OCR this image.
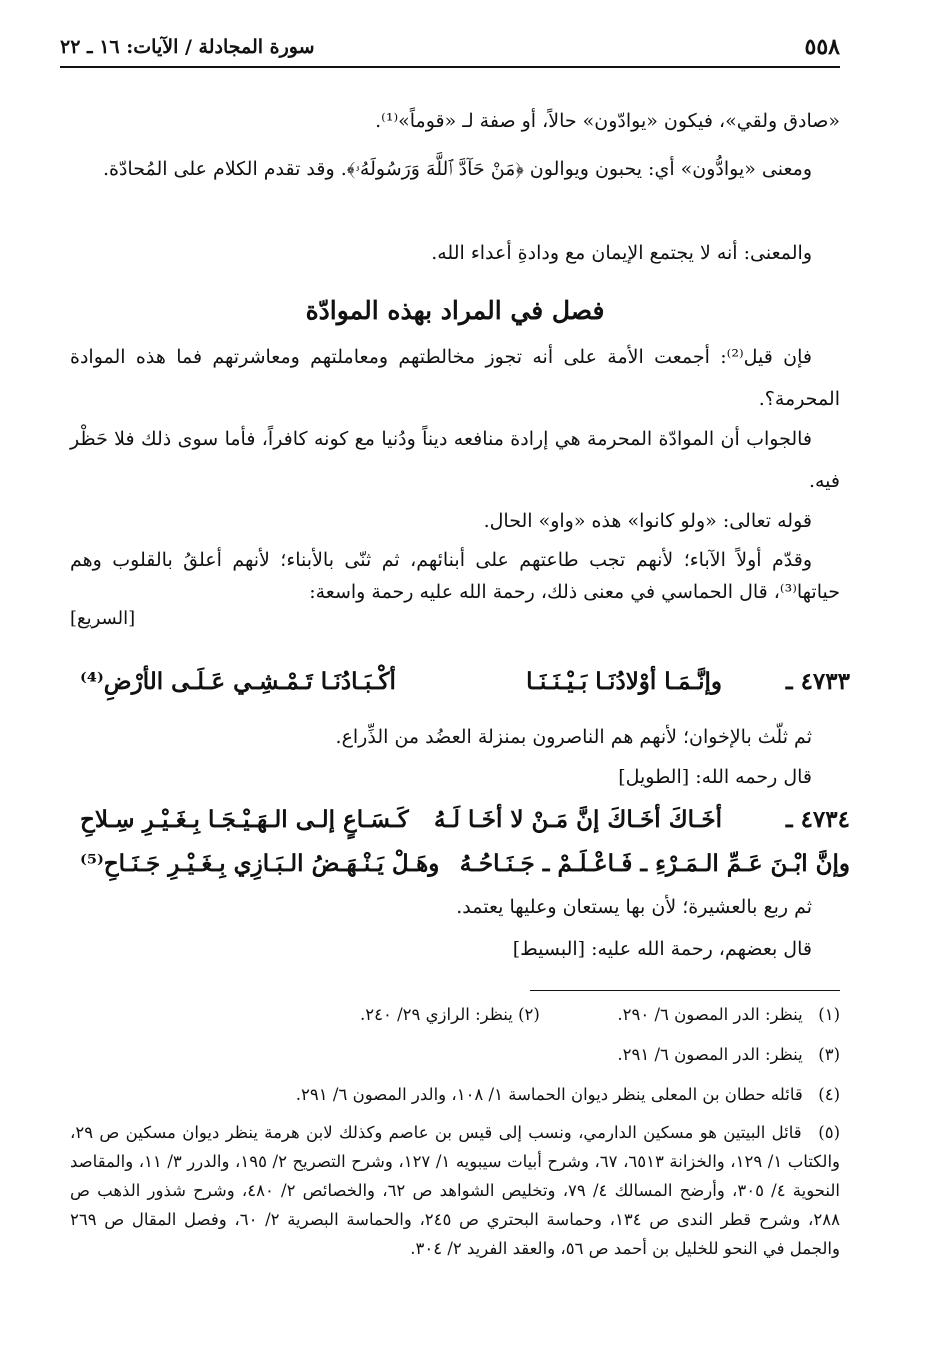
٥٥٨
سورة المجادلة / الآيات: ١٦ ـ ٢٢

«صادق ولقي»، فيكون «يوادّون» حالاً، أو صفة لـ «قوماً»⁽¹⁾.

ومعنى «يوادُّون» أي: يحبون ويوالون ﴿مَنْ حَآدَّ ٱللَّهَ وَرَسُولَهُۥ﴾. وقد تقدم الكلام على المُحادّة.

والمعنى: أنه لا يجتمع الإيمان مع ودادةِ أعداء الله.

فصل في المراد بهذه الموادّة

فإن قيل⁽²⁾: أجمعت الأمة على أنه تجوز مخالطتهم ومعاملتهم ومعاشرتهم فما هذه الموادة المحرمة؟.

فالجواب أن الموادّة المحرمة هي إرادة منافعه ديناً ودُنيا مع كونه كافراً، فأما سوى ذلك فلا حَظْر فيه.

قوله تعالى: «ولو كانوا» هذه «واو» الحال.

وقدّم أولاً الآباء؛ لأنهم تجب طاعتهم على أبنائهم، ثم ثنّى بالأبناء؛ لأنهم أعلقُ بالقلوب وهم حياتها⁽³⁾، قال الحماسي في معنى ذلك، رحمة الله عليه رحمة واسعة:

[السريع]
٤٧٣٣ ـ
وإنَّـمَـا أوْلادُنَـا بَـيْـنَـنَـا
أكْـبَـادُنَـا تَـمْـشِـي عَـلَـى الأرْضِ⁽⁴⁾

ثم ثلّث بالإخوان؛ لأنهم هم الناصرون بمنزلة العضُد من الذِّراع.

قال رحمه الله: [الطويل]

٤٧٣٤ ـ
أخَـاكَ أخَـاكَ إنَّ مَـنْ لا أخَـا لَـهُ
كَـسَـاعٍ إلـى الـهَـيْـجَـا بِـغَـيْـرِ سِـلاحِ
وإنَّ ابْـنَ عَـمِّ الـمَـرْءِ ـ فَـاعْـلَـمْ ـ جَـنَـاحُـهُ
وهَـلْ يَـنْـهَـضُ الـبَـازِي بِـغَـيْـرِ جَـنَـاحِ⁽⁵⁾

ثم ربع بالعشيرة؛ لأن بها يستعان وعليها يعتمد.

قال بعضهم، رحمة الله عليه: [البسيط]

(١) ينظر: الدر المصون ٦/ ٢٩٠.
(٢) ينظر: الرازي ٢٩/ ٢٤٠.
(٣) ينظر: الدر المصون ٦/ ٢٩١.
(٤) قائله حطان بن المعلى ينظر ديوان الحماسة ١/ ١٠٨، والدر المصون ٦/ ٢٩١.
(٥) قائل البيتين هو مسكين الدارمي، ونسب إلى قيس بن عاصم وكذلك لابن هرمة ينظر ديوان مسكين ص ٢٩، والكتاب ١/ ١٢٩، والخزانة ٦٥١٣، ٦٧، وشرح أبيات سيبويه ١/ ١٢٧، وشرح التصريح ٢/ ١٩٥، والدرر ٣/ ١١، والمقاصد النحوية ٤/ ٣٠٥، وأرضح المسالك ٤/ ٧٩، وتخليص الشواهد ص ٦٢، والخصائص ٢/ ٤٨٠، وشرح شذور الذهب ص ٢٨٨، وشرح قطر الندى ص ١٣٤، وحماسة البحتري ص ٢٤٥، والحماسة البصرية ٢/ ٦٠، وفصل المقال ص ٢٦٩ والجمل في النحو للخليل بن أحمد ص ٥٦، والعقد الفريد ٢/ ٣٠٤.
